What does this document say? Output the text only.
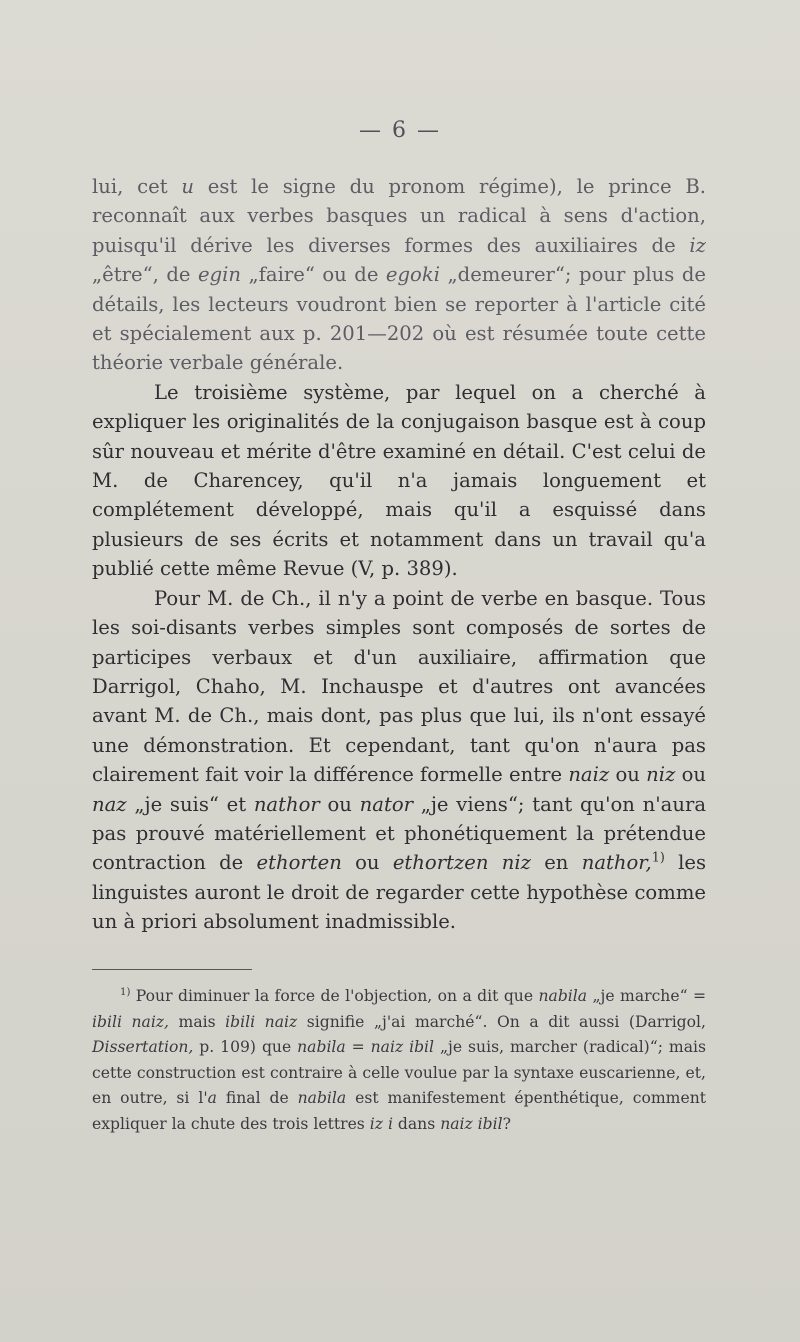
— 6 —

lui, cet u est le signe du pronom régime), le prince B. reconnaît aux verbes basques un radical à sens d'action, puisqu'il dérive les diverses formes des auxiliaires de iz „être“, de egin „faire“ ou de egoki „demeurer“; pour plus de détails, les lecteurs voudront bien se reporter à l'article cité et spécialement aux p. 201—202 où est résumée toute cette théorie verbale générale.

Le troisième système, par lequel on a cherché à expliquer les originalités de la conjugaison basque est à coup sûr nouveau et mérite d'être examiné en détail. C'est celui de M. de Charencey, qu'il n'a jamais longuement et complétement développé, mais qu'il a esquissé dans plusieurs de ses écrits et notamment dans un travail qu'a publié cette même Revue (V, p. 389).

Pour M. de Ch., il n'y a point de verbe en basque. Tous les soi-disants verbes simples sont composés de sortes de participes verbaux et d'un auxiliaire, affirmation que Darrigol, Chaho, M. Inchauspe et d'autres ont avancées avant M. de Ch., mais dont, pas plus que lui, ils n'ont essayé une démonstration. Et cependant, tant qu'on n'aura pas clairement fait voir la différence formelle entre naiz ou niz ou naz „je suis“ et nathor ou nator „je viens“; tant qu'on n'aura pas prouvé matériellement et phonétiquement la prétendue contraction de ethorten ou ethortzen niz en nathor,$^{1)}$ les linguistes auront le droit de regarder cette hypothèse comme un à priori absolument inadmissible.

$^{1)}$ Pour diminuer la force de l'objection, on a dit que nabila „je marche“ = ibili naiz, mais ibili naiz signifie „j'ai marché“. On a dit aussi (Darrigol, Dissertation, p. 109) que nabila = naiz ibil „je suis, marcher (radical)“; mais cette construction est contraire à celle voulue par la syntaxe euscarienne, et, en outre, si l'a final de nabila est manifestement épenthétique, comment expliquer la chute des trois lettres iz i dans naiz ibil?
